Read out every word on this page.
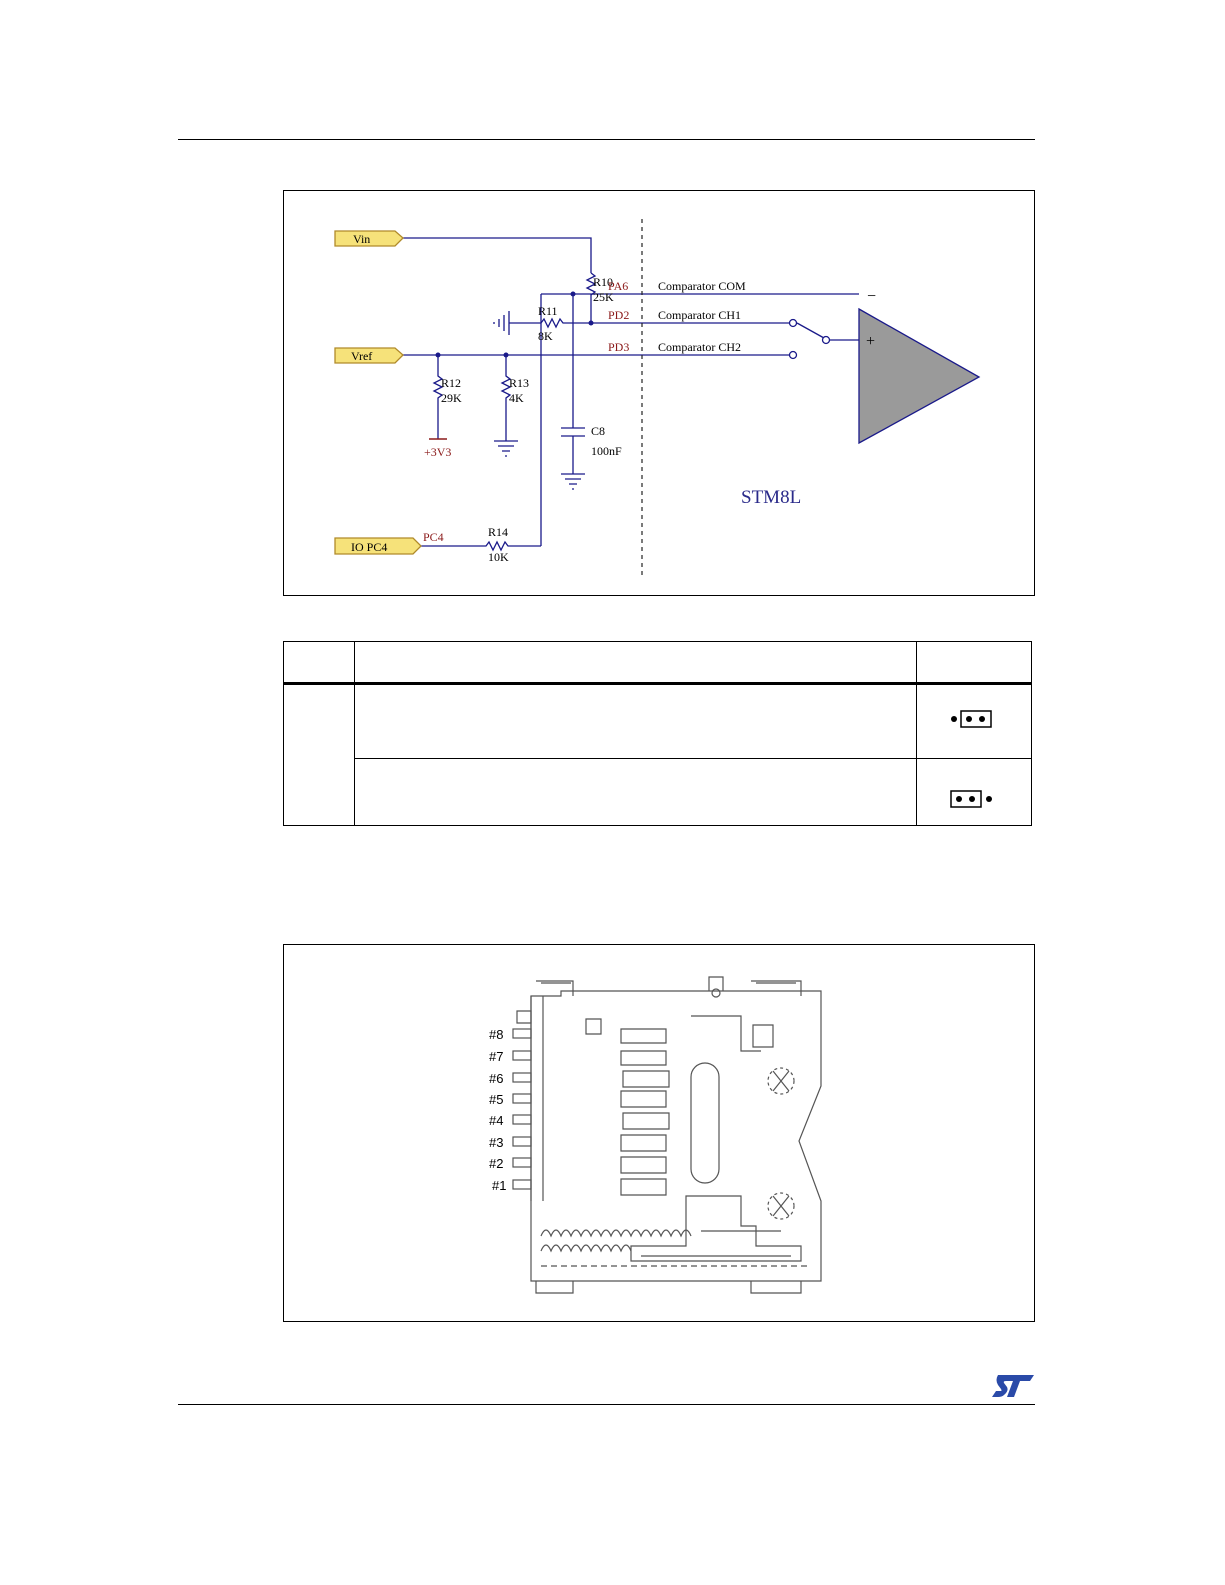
+
−
Vin
Vref
IO PC4
R10
25K
R11
8K
R12
29K
R13
4K
R14
10K
C8
100nF
+3V3
PD2
PD3
PA6
PC4
Comparator CH1
Comparator CH2
Comparator COM
STM8L

#8
#7
#6
#5
#4
#3
#2
#1
